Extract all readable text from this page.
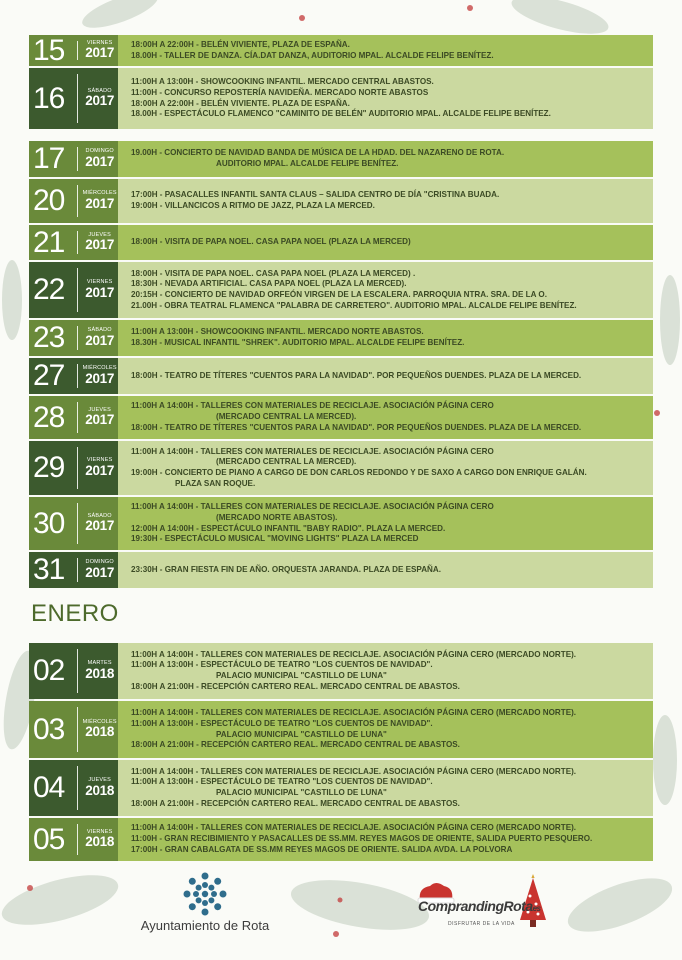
15	VIERNES
2017
18:00H A 22:00H - BELÉN VIVIENTE, PLAZA DE ESPAÑA.
18.00H - TALLER DE DANZA. CÍA.DAT DANZA, AUDITORIO MPAL. ALCALDE FELIPE BENÍTEZ.
16	SÁBADO
2017
11:00H A 13:00H - SHOWCOOKING INFANTIL. MERCADO CENTRAL ABASTOS.
11:00H - CONCURSO REPOSTERÍA NAVIDEÑA. MERCADO NORTE ABASTOS
18:00H A 22:00H - BELÉN VIVIENTE. PLAZA DE ESPAÑA.
18.00H - ESPECTÁCULO FLAMENCO "CAMINITO DE BELÉN" AUDITORIO MPAL. ALCALDE FELIPE BENÍTEZ.
17	DOMINGO
2017
19.00H - CONCIERTO DE NAVIDAD BANDA DE MÚSICA DE LA HDAD. DEL NAZARENO DE ROTA.
AUDITORIO MPAL. ALCALDE FELIPE BENÍTEZ.
20	MIÉRCOLES
2017
17:00H - PASACALLES INFANTIL SANTA CLAUS – SALIDA CENTRO DE DÍA "CRISTINA BUADA.
19:00H - VILLANCICOS A RITMO DE JAZZ, PLAZA LA MERCED.
21	JUEVES
2017 18:00H - VISITA DE PAPA NOEL. CASA PAPA NOEL (PLAZA LA MERCED)
22	VIERNES
2017
18:00H - VISITA DE PAPA NOEL. CASA PAPA NOEL (PLAZA LA MERCED) .
18:30H - NEVADA ARTIFICIAL. CASA PAPA NOEL (PLAZA LA MERCED).
20:15H - CONCIERTO DE NAVIDAD ORFEÓN VIRGEN DE LA ESCALERA. PARROQUIA NTRA. SRA. DE LA O.
21.00H - OBRA TEATRAL FLAMENCA "PALABRA DE CARRETERO". AUDITORIO MPAL. ALCALDE FELIPE BENÍTEZ.
23	SÁBADO
2017
11:00H A 13:00H - SHOWCOOKING INFANTIL. MERCADO NORTE ABASTOS.
18.30H - MUSICAL INFANTIL "SHREK". AUDITORIO MPAL. ALCALDE FELIPE BENÍTEZ.
27	MIÉRCOLES
2017 18:00H - TEATRO DE TÍTERES "CUENTOS PARA LA NAVIDAD". POR PEQUEÑOS DUENDES. PLAZA DE LA MERCED.
28	JUEVES
2017
11:00H A 14:00H - TALLERES CON MATERIALES DE RECICLAJE. ASOCIACIÓN PÁGINA CERO
(MERCADO CENTRAL LA MERCED).
18:00H - TEATRO DE TÍTERES "CUENTOS PARA LA NAVIDAD". POR PEQUEÑOS DUENDES. PLAZA DE LA MERCED.
29	VIERNES
2017
11:00H A 14:00H - TALLERES CON MATERIALES DE RECICLAJE. ASOCIACIÓN PÁGINA CERO
(MERCADO CENTRAL LA MERCED).
19:00H - CONCIERTO DE PIANO A CARGO DE DON CARLOS REDONDO Y DE SAXO A CARGO DON ENRIQUE GALÁN.
PLAZA SAN ROQUE.
30	SÁBADO
2017
11:00H A 14:00H - TALLERES CON MATERIALES DE RECICLAJE. ASOCIACIÓN PÁGINA CERO
(MERCADO NORTE ABASTOS).
12:00H A 14:00H - ESPECTÁCULO INFANTIL "BABY RADIO". PLAZA LA MERCED.
19:30H - ESPECTÁCULO MUSICAL "MOVING LIGHTS" PLAZA LA MERCED
31	DOMINGO
2017 23:30H - GRAN FIESTA FIN DE AÑO. ORQUESTA JARANDA. PLAZA DE ESPAÑA.
02	MARTES
2018
11:00H A 14:00H - TALLERES CON MATERIALES DE RECICLAJE. ASOCIACIÓN PÁGINA CERO (MERCADO NORTE).
11:00H A 13:00H - ESPECTÁCULO DE TEATRO "LOS CUENTOS DE NAVIDAD".
PALACIO MUNICIPAL "CASTILLO DE LUNA"
18:00H A 21:00H - RECEPCIÓN CARTERO REAL. MERCADO CENTRAL DE ABASTOS.
03	MIÉRCOLES
2018
11:00H A 14:00H - TALLERES CON MATERIALES DE RECICLAJE. ASOCIACIÓN PÁGINA CERO (MERCADO NORTE).
11:00H A 13:00H - ESPECTÁCULO DE TEATRO "LOS CUENTOS DE NAVIDAD".
PALACIO MUNICIPAL "CASTILLO DE LUNA"
18:00H A 21:00H - RECEPCIÓN CARTERO REAL. MERCADO CENTRAL DE ABASTOS.
04	JUEVES
2018
11:00H A 14:00H - TALLERES CON MATERIALES DE RECICLAJE. ASOCIACIÓN PÁGINA CERO (MERCADO NORTE).
11:00H A 13:00H - ESPECTÁCULO DE TEATRO "LOS CUENTOS DE NAVIDAD".
PALACIO MUNICIPAL "CASTILLO DE LUNA"
18:00H A 21:00H - RECEPCIÓN CARTERO REAL. MERCADO CENTRAL DE ABASTOS.
05	VIERNES
2018
11:00H A 14:00H - TALLERES CON MATERIALES DE RECICLAJE. ASOCIACIÓN PÁGINA CERO (MERCADO NORTE).
11:00H - GRAN RECIBIMIENTO Y PASACALLES DE SS.MM. REYES MAGOS DE ORIENTE, SALIDA PUERTO PESQUERO.
17:00H - GRAN CABALGATA DE SS.MM REYES MAGOS DE ORIENTE. SALIDA AVDA. LA POLVORA
ENERO
Ayuntamiento de Rota
ComprandingRotaes
DISFRUTAR DE LA VIDA
